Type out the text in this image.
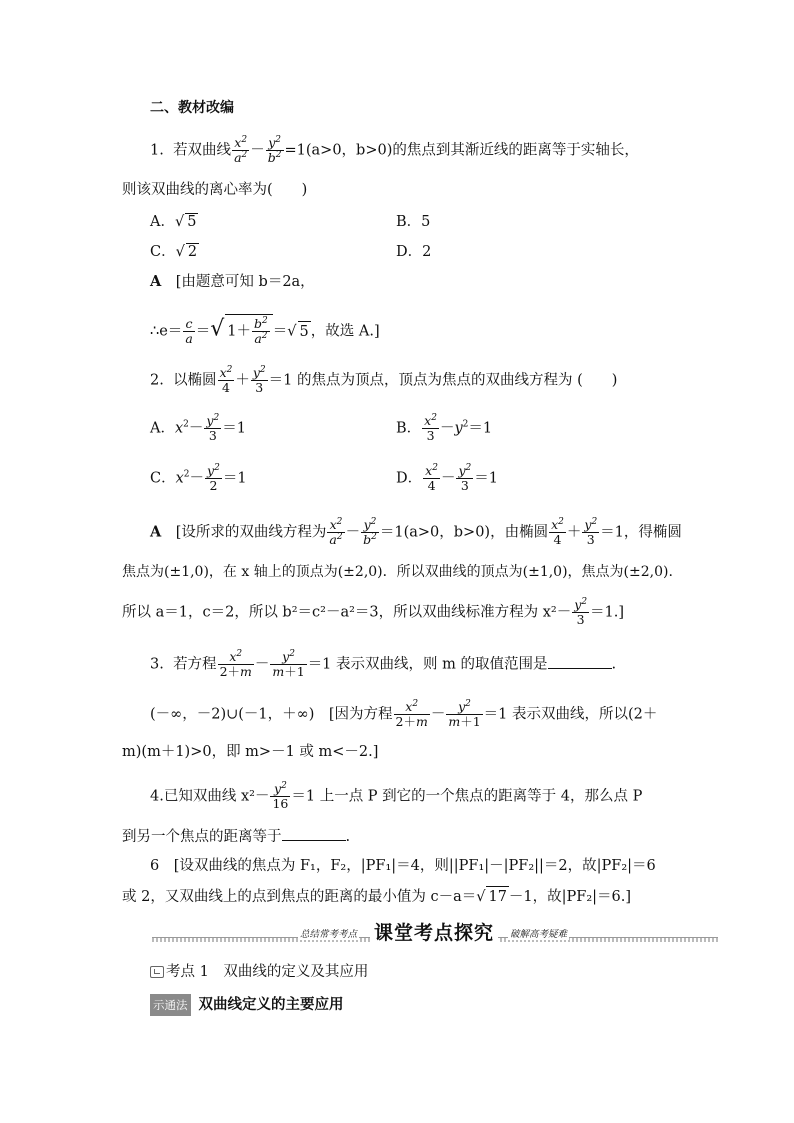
二、教材改编
1. 若双曲线 $\frac{x^2}{a^2} - \frac{y^2}{b^2} =1(a>0$，b>0)的焦点到其渐近线的距离等于实轴长，
则该双曲线的离心率为(　　)
A．√ 5	B．5
C．√ 2	D．2
A　 [由题意可知 b＝2a，
∴e＝ $\frac{c}{a}$ ＝√ $1+ \frac{b^2}{a^2}$ ＝√ 5 ，故选 A.]
2. 以椭圆 $\frac{x^2}{4} + \frac{y^2}{3} =1$ 的焦点为顶点，顶点为焦点的双曲线方程为 (　　)
A．$x^2- \frac{y^2}{3} =1$	B． $\frac{x^2}{3} -y^2=1$
C．$x^2- \frac{y^2}{2} =1$	D． $\frac{x^2}{4} - \frac{y^2}{3} =1$
A　 [设所求的双曲线方程为 $\frac{x^2}{a^2} - \frac{y^2}{b^2} =1(a>0$，b>0)，由椭圆 $\frac{x^2}{4} + \frac{y^2}{3} =1$，得椭圆
焦点为(±1,0)，在 x 轴上的顶点为(±2,0)．所以双曲线的顶点为(±1,0)，焦点为(±2,0).
所以 a＝1，c＝2，所以 b²＝c²－a²＝3，所以双曲线标准方程为 $x^2- \frac{y^2}{3} =1$.]
3. 若方程 $\frac{x^2}{2+m} - \frac{y^2}{m+1} =1$ 表示双曲线，则 m 的取值范围是	.
(－∞，－2)∪(－1，＋∞)　[因为方程 $\frac{x^2}{2+m} - \frac{y^2}{m+1} =1$ 表示双曲线，所以(2＋
m)(m＋1)>0，即 m>－1 或 m<－2.]
4.已知双曲线 $x^2- \frac{y^2}{16} =1$ 上一点 P 到它的一个焦点的距离等于 4，那么点 P
到另一个焦点的距离等于	.
6　[设双曲线的焦点为 F₁，F₂，|PF₁|＝4，则||PF₁|－|PF₂||＝2，故|PF₂|＝6
或 2，又双曲线上的点到焦点的距离的最小值为 c－a＝√ 17 －1，故|PF₂|＝6.]
总结常考考点 课堂考点探究	破解高考疑难
考点 1　双曲线的定义及其应用
示通法 双曲线定义的主要应用
